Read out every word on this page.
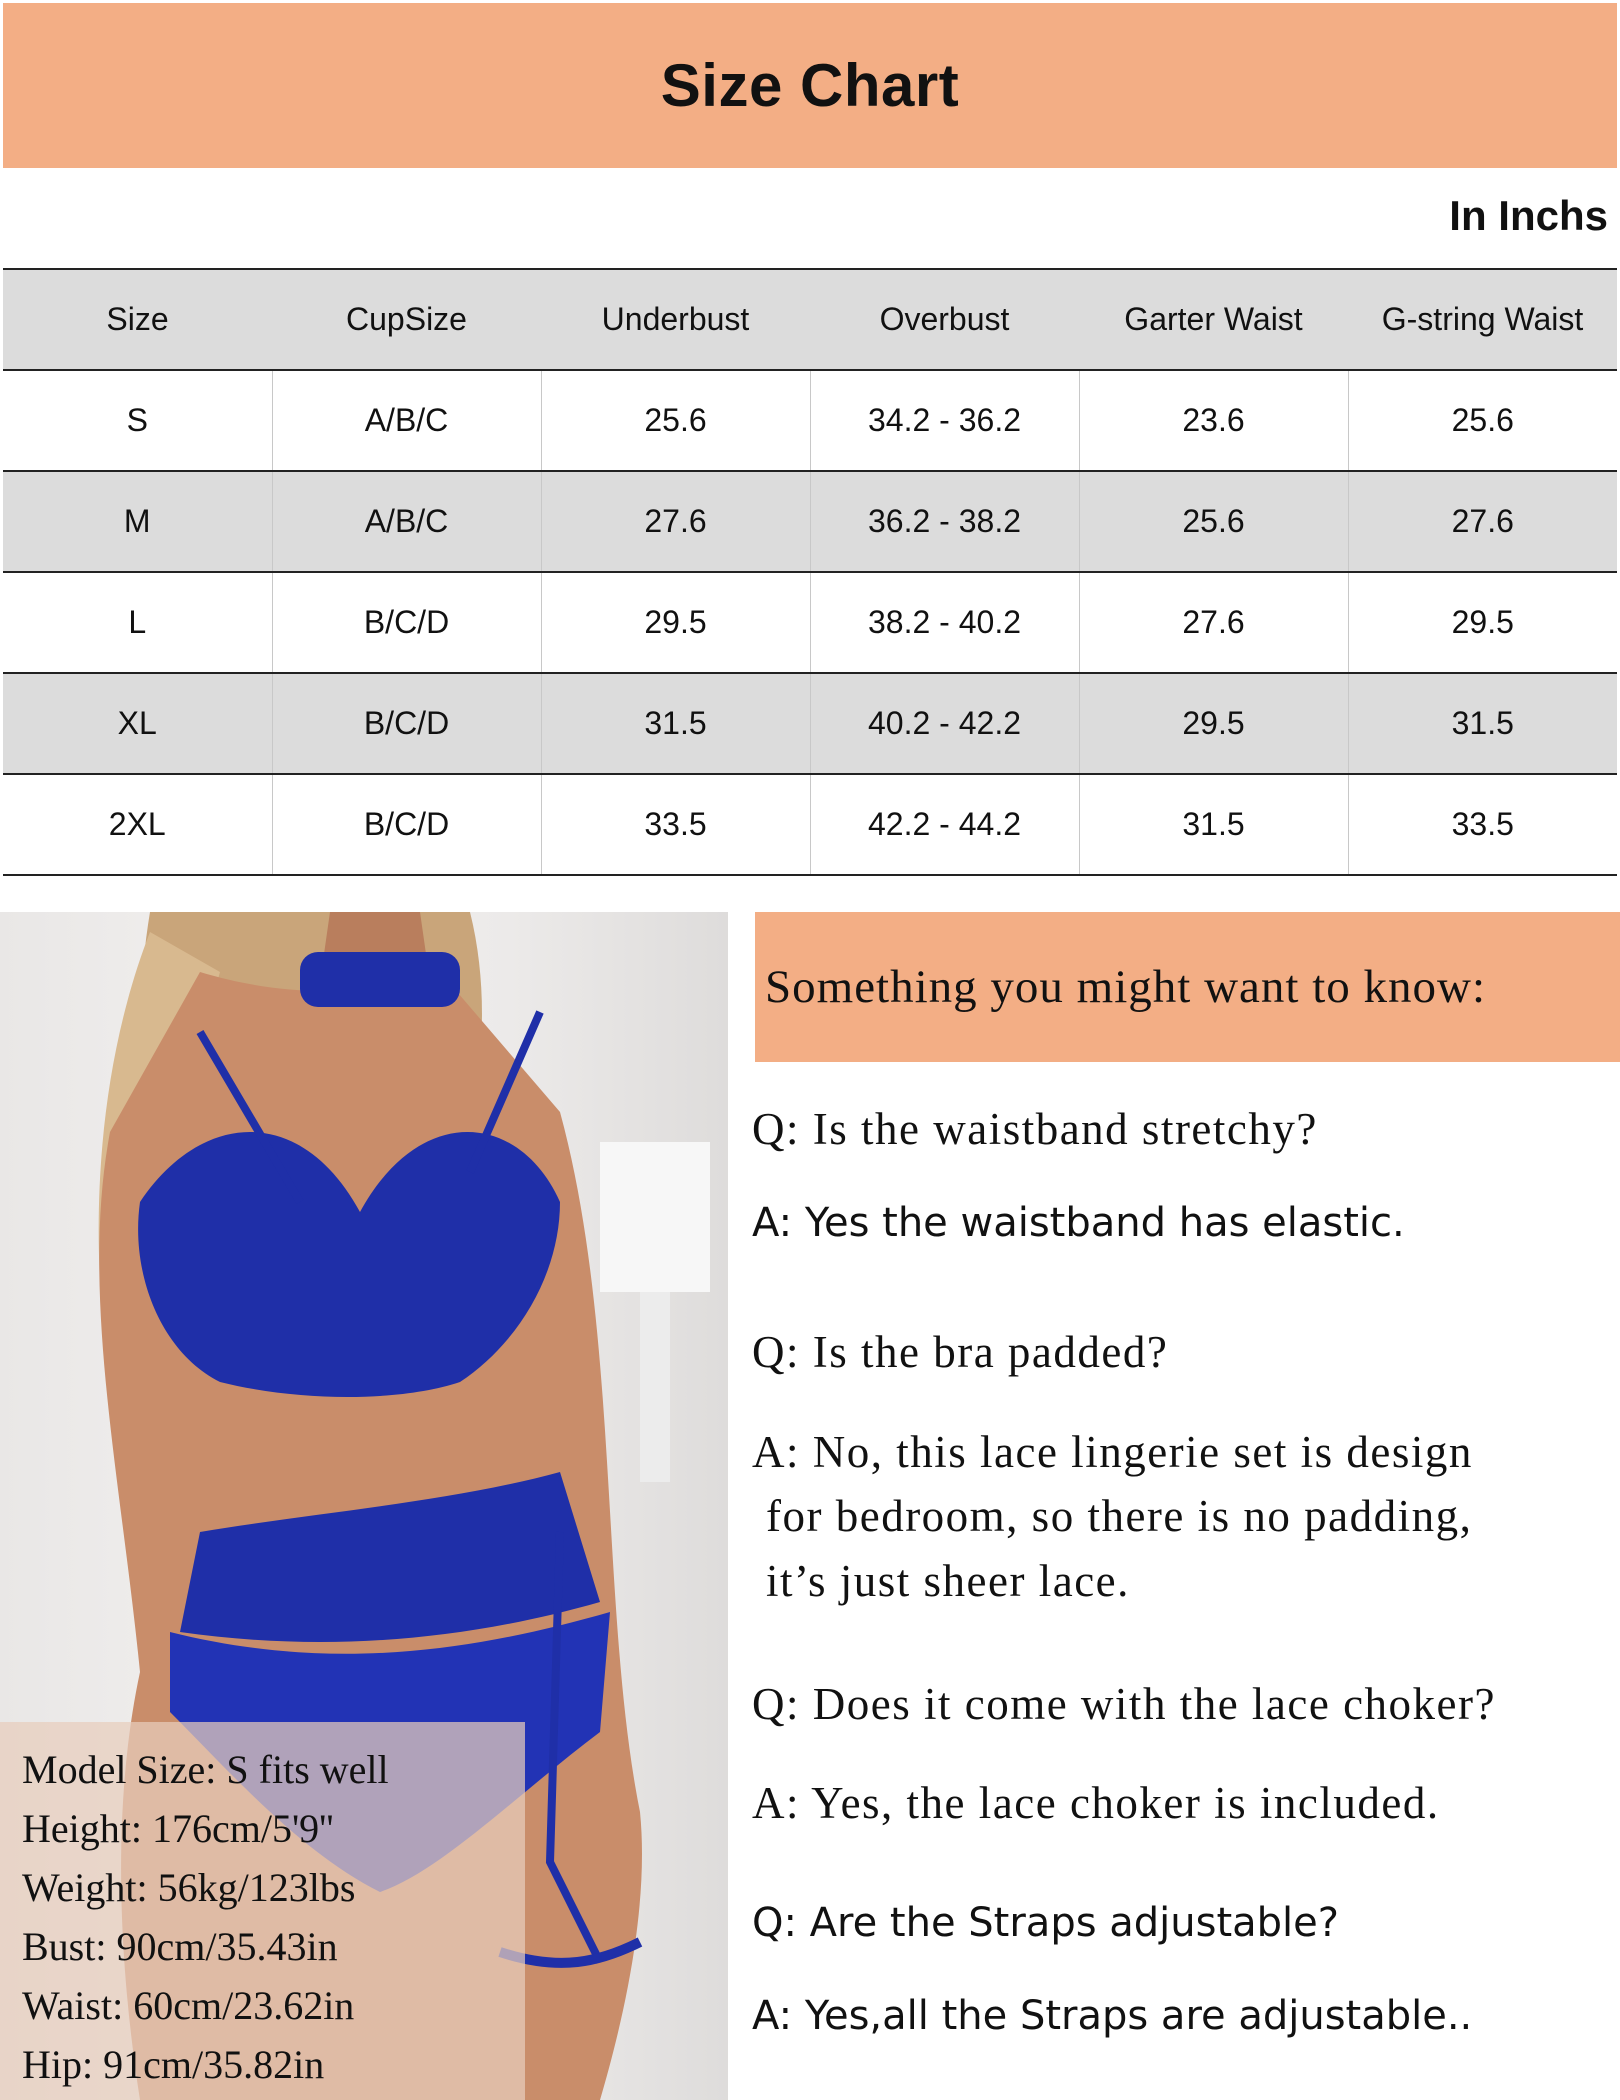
Size Chart
In Inchs
Size	CupSize	Underbust	Overbust	Garter Waist	G-string Waist
S	A/B/C	25.6	34.2 - 36.2	23.6	25.6
M	A/B/C	27.6	36.2 - 38.2	25.6	27.6
L	B/C/D	29.5	38.2 - 40.2	27.6	29.5
XL	B/C/D	31.5	40.2 - 42.2	29.5	31.5
2XL	B/C/D	33.5	42.2 - 44.2	31.5	33.5
Model Size: S fits well
Height: 176cm/5'9''
Weight: 56kg/123lbs
Bust: 90cm/35.43in
Waist: 60cm/23.62in
Hip: 91cm/35.82in
Something you might want to know:
Q: Is the waistband stretchy?
A: Yes the waistband has elastic.
Q: Is the bra padded?
A: No, this lace lingerie set is design
for bedroom, so there is no padding,
it’s just sheer lace.
Q: Does it come with the lace choker?
A: Yes, the lace choker is included.
Q: Are the Straps adjustable?
A: Yes,all the Straps are adjustable..
